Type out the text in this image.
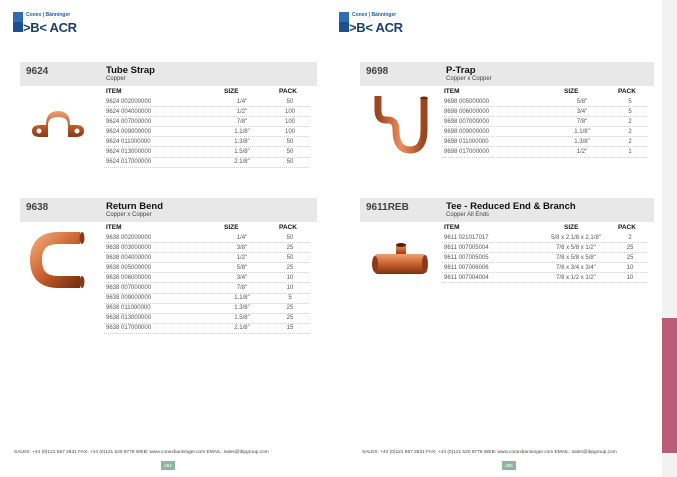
Conex | Bänninger
>B< ACR
Conex | Bänninger
>B< ACR
9624	Tube Strap
Copper
ITEM	SIZE	PACK
9624 002000000	1/4"	50
9624 004000000	1/2"	100
9624 007000000	7/8"	100
9624 009000000	1.1/8"	100
9624 011000000	1.3/8"	50
9624 013000000	1.5/8"	50
9624 017000000	2.1/8"	50
9698	P-Trap
Copper x Copper
ITEM	SIZE	PACK
9698 005000000	5/8"	5
9698 006000000	3/4"	5
9698 007000000	7/8"	2
9698 009000000	1.1/8"	2
9698 011000000	1.3/8"	2
9698 017000000	1/2"	1
9638	Return Bend
Copper x Copper
ITEM	SIZE	PACK
9638 002000000	1/4"	50
9638 003000000	3/8"	25
9638 004000000	1/2"	50
9638 005000000	5/8"	25
9638 006000000	3/4"	10
9638 007000000	7/8"	10
9638 009000000	1.1/8"	5
9638 011000000	1.3/8"	25
9638 013000000	1.5/8"	25
9638 017000000	2.1/8"	15
9611REB	Tee - Reduced End & Branch
Copper All Ends
ITEM	SIZE	PACK
9611 021017017	5/8 x 2.1/8 x 2.1/8"	2
9611 007005004	7/8 x 5/8 x 1/2"	25
9611 007005005	7/8 x 5/8 x 5/8"	25
9611 007006006	7/8 x 3/4 x 3/4"	10
9611 007004004	7/8 x 1/2 x 1/2"	10
SALES: +44 (0)121 557 2831 FAX: +44 (0)121 520 8778 WEB: www.conexbanninger.com EMAIL: sales@ibpgroup.com	SALES: +44 (0)121 557 2831 FAX: +44 (0)121 520 8778 WEB: www.conexbanninger.com EMAIL: sales@ibpgroup.com
284	285
